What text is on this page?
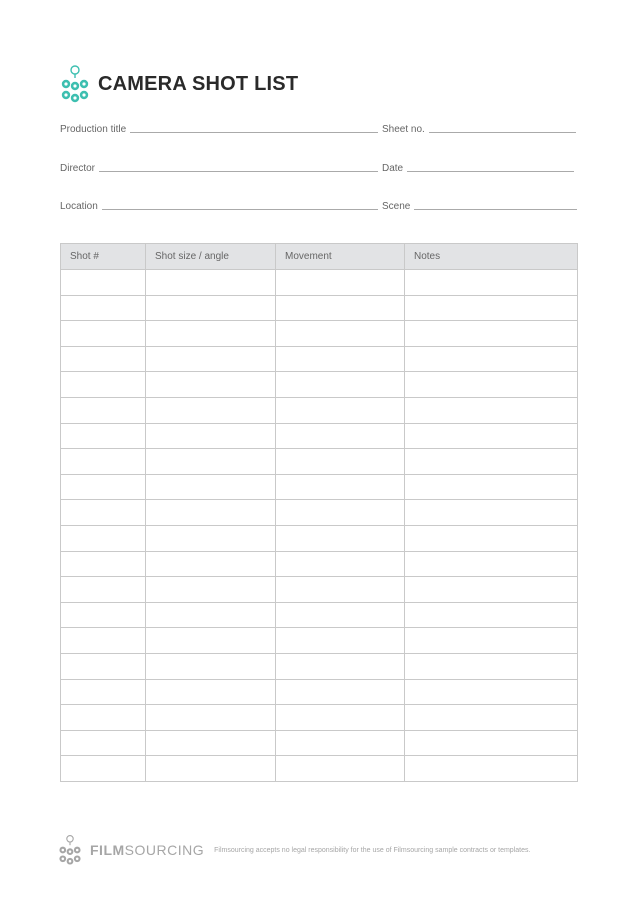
CAMERA SHOT LIST
Production title	Sheet no.
Director	Date
Location	Scene
Shot #	Shot size / angle	Movement	Notes

FILMSOURCING Filmsourcing accepts no legal responsibility for the use of Filmsourcing sample contracts or templates.
